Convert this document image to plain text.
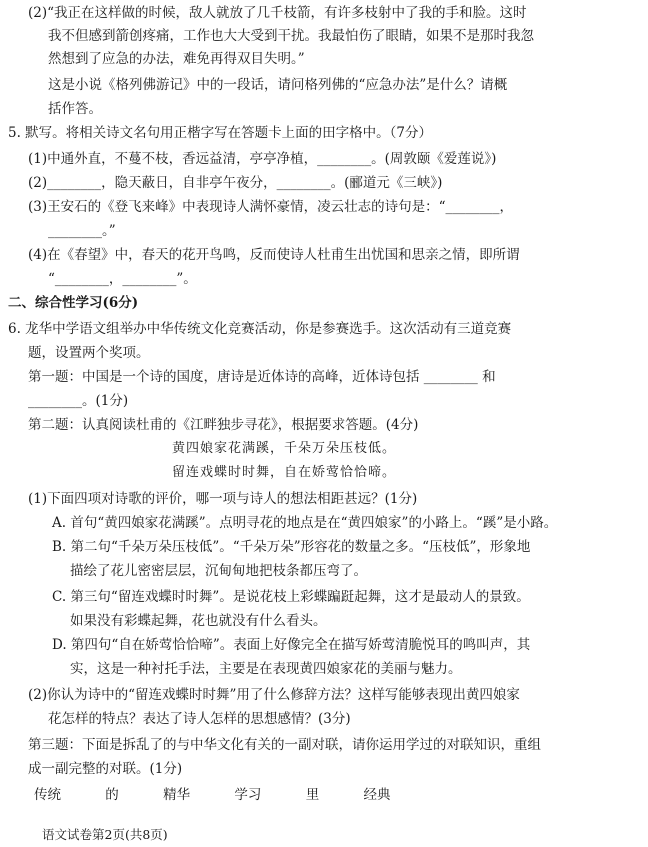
(2)“我正在这样做的时候，敌人就放了几千枝箭，有许多枝射中了我的手和脸。这时
我不但感到箭创疼痛，工作也大大受到干扰。我最怕伤了眼睛，如果不是那时我忽
然想到了应急的办法，难免再得双目失明。”
这是小说《格列佛游记》中的一段话，请问格列佛的“应急办法”是什么？请概
括作答。
5. 默写。将相关诗文名句用正楷字写在答题卡上面的田字格中。（7分）
(1)中通外直，不蔓不枝，香远益清，亭亭净植，________。(周敦颐《爱莲说》)
(2)________，隐天蔽日，自非亭午夜分，________。(郦道元《三峡》)
(3)王安石的《登飞来峰》中表现诗人满怀豪情，凌云壮志的诗句是：“________，
________。”
(4)在《春望》中，春天的花开鸟鸣，反而使诗人杜甫生出忧国和思亲之情，即所谓
“________，________”。
二、综合性学习(6分)
6. 龙华中学语文组举办中华传统文化竞赛活动，你是参赛选手。这次活动有三道竞赛
题，设置两个奖项。
第一题：中国是一个诗的国度，唐诗是近体诗的高峰，近体诗包括 ________ 和
________。(1分)
第二题：认真阅读杜甫的《江畔独步寻花》，根据要求答题。(4分)
黄四娘家花满蹊，千朵万朵压枝低。
留连戏蝶时时舞，自在娇莺恰恰啼。
(1)下面四项对诗歌的评价，哪一项与诗人的想法相距甚远？(1分)
A. 首句“黄四娘家花满蹊”。点明寻花的地点是在“黄四娘家”的小路上。“蹊”是小路。
B. 第二句“千朵万朵压枝低”。“千朵万朵”形容花的数量之多。“压枝低”，形象地
描绘了花儿密密层层，沉甸甸地把枝条都压弯了。
C. 第三句“留连戏蝶时时舞”。是说花枝上彩蝶蹁跹起舞，这才是最动人的景致。
如果没有彩蝶起舞，花也就没有什么看头。
D. 第四句“自在娇莺恰恰啼”。表面上好像完全在描写娇莺清脆悦耳的鸣叫声，其
实，这是一种衬托手法，主要是在表现黄四娘家花的美丽与魅力。
(2)你认为诗中的“留连戏蝶时时舞”用了什么修辞方法？这样写能够表现出黄四娘家
花怎样的特点？表达了诗人怎样的思想感情？(3分)
第三题：下面是拆乱了的与中华文化有关的一副对联，请你运用学过的对联知识，重组
成一副完整的对联。(1分)
传统	的	精华	学习	里	经典
语文试卷第2页(共8页)
